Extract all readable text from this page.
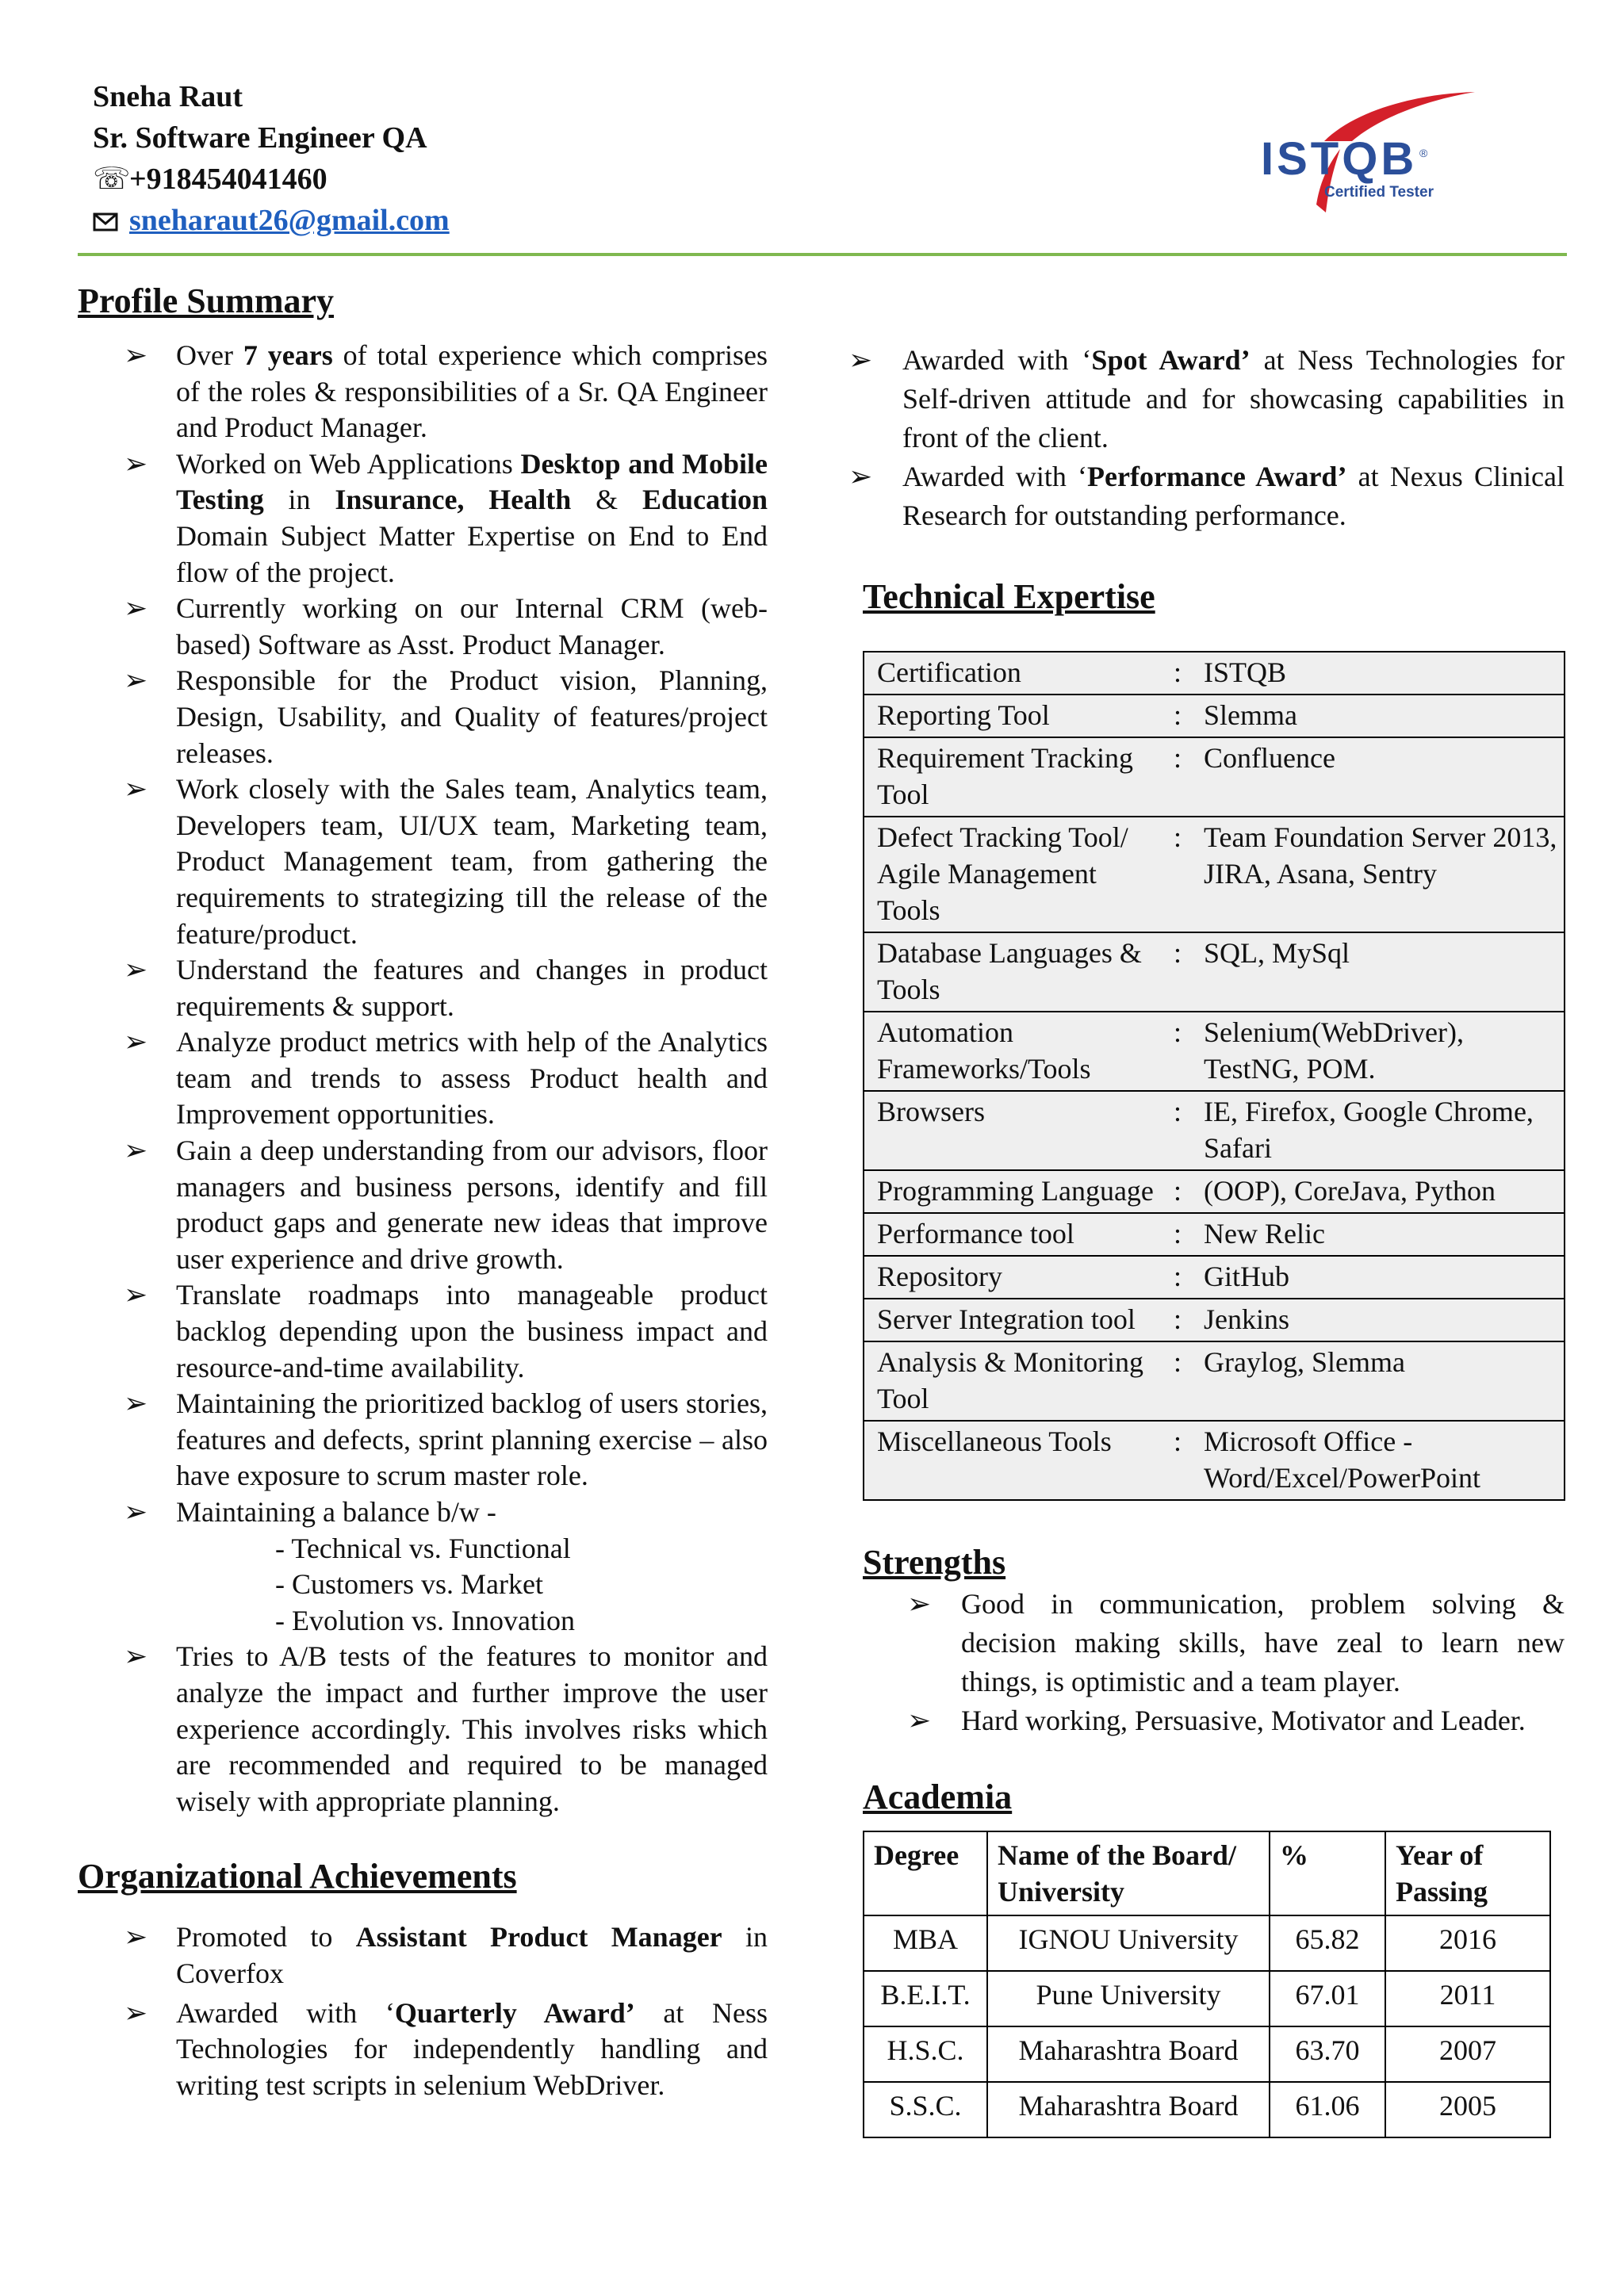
Sneha Raut
Sr. Software Engineer QA
☏+918454041460
sneharaut26@gmail.com
ISTQB ®
Certified Tester
Profile Summary
➢ Over 7 years of total experience which comprises of the roles & responsibilities of a Sr. QA Engineer and Product Manager.
➢ Worked on Web Applications Desktop and Mobile Testing in Insurance, Health & Education Domain Subject Matter Expertise on End to End flow of the project.
➢ Currently working on our Internal CRM (web-based) Software as Asst. Product Manager.
➢ Responsible for the Product vision, Planning, Design, Usability, and Quality of features/project releases.
➢ Work closely with the Sales team, Analytics team, Developers team, UI/UX team, Marketing team, Product Management team, from gathering the requirements to strategizing till the release of the feature/product.
➢ Understand the features and changes in product requirements & support.
➢ Analyze product metrics with help of the Analytics team and trends to assess Product health and Improvement opportunities.
➢ Gain a deep understanding from our advisors, floor managers and business persons, identify and fill product gaps and generate new ideas that improve user experience and drive growth.
➢ Translate roadmaps into manageable product backlog depending upon the business impact and resource-and-time availability.
➢ Maintaining the prioritized backlog of users stories, features and defects, sprint planning exercise – also have exposure to scrum master role.
➢ Maintaining a balance b/w -
- Technical vs. Functional
- Customers vs. Market
- Evolution vs. Innovation
➢ Tries to A/B tests of the features to monitor and analyze the impact and further improve the user experience accordingly. This involves risks which are recommended and required to be managed wisely with appropriate planning.
Organizational Achievements
➢ Promoted to Assistant Product Manager in Coverfox
➢ Awarded with ‘Quarterly Award’ at Ness Technologies for independently handling and writing test scripts in selenium WebDriver.
➢ Awarded with ‘Spot Award’ at Ness Technologies for Self-driven attitude and for showcasing capabilities in front of the client.
➢ Awarded with ‘Performance Award’ at Nexus Clinical Research for outstanding performance.
Technical Expertise
Certification	:	ISTQB
Reporting Tool	:	Slemma
Requirement Tracking Tool	:	Confluence
Defect Tracking Tool/ Agile Management Tools	:	Team Foundation Server 2013, JIRA, Asana, Sentry
Database Languages & Tools	:	SQL, MySql
Automation Frameworks/Tools	:	Selenium(WebDriver), TestNG, POM.
Browsers	:	IE, Firefox, Google Chrome, Safari
Programming Language	:	(OOP), CoreJava, Python
Performance tool	:	New Relic
Repository	:	GitHub
Server Integration tool	:	Jenkins
Analysis & Monitoring Tool	:	Graylog, Slemma
Miscellaneous Tools	:	Microsoft Office - Word/Excel/PowerPoint
Strengths
➢ Good in communication, problem solving & decision making skills, have zeal to learn new things, is optimistic and a team player.
➢ Hard working, Persuasive, Motivator and Leader.
Academia
Degree	Name of the Board/ University	%	Year of Passing
MBA	IGNOU University	65.82	2016
B.E.I.T.	Pune University	67.01	2011
H.S.C.	Maharashtra Board	63.70	2007
S.S.C.	Maharashtra Board	61.06	2005
